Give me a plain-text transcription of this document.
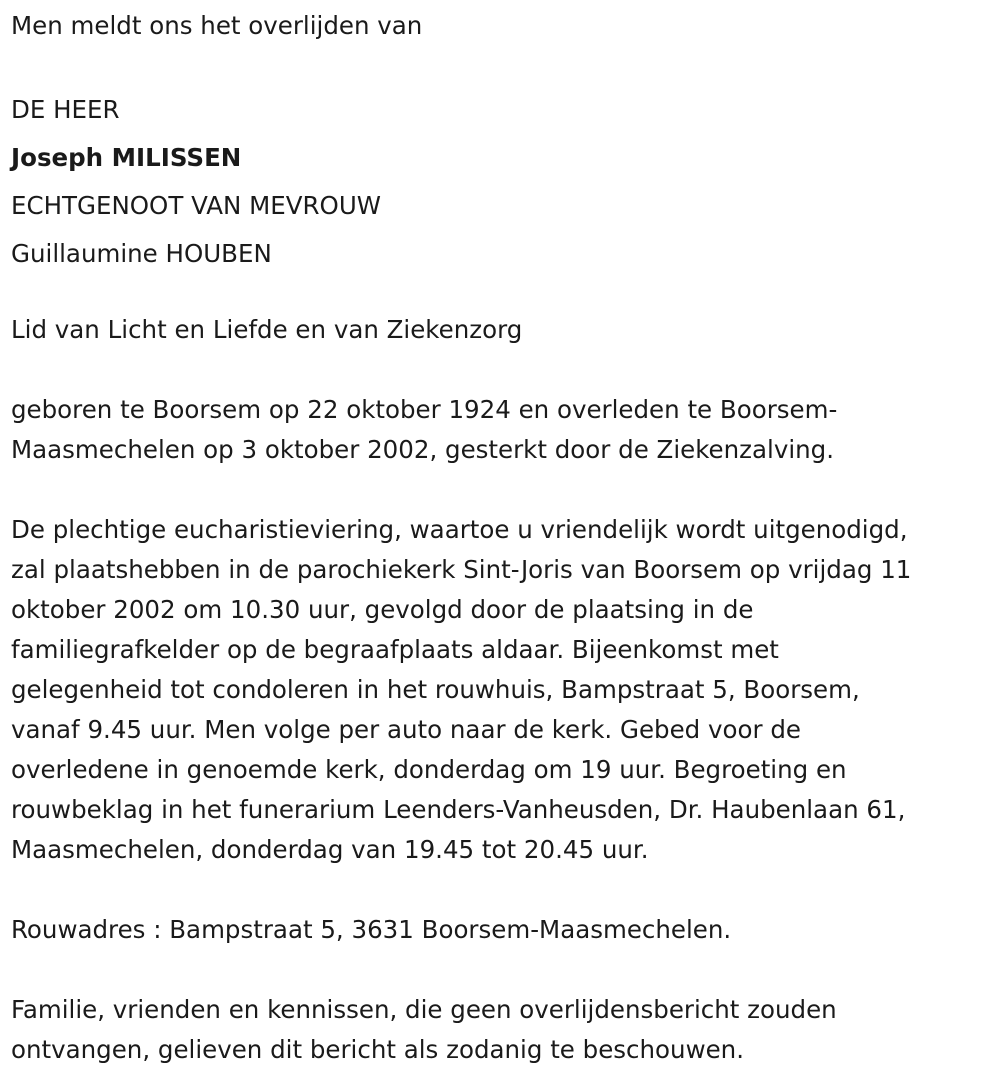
Men meldt ons het overlijden van

DE HEER

Joseph MILISSEN

ECHTGENOOT VAN MEVROUW

Guillaumine HOUBEN

Lid van Licht en Liefde en van Ziekenzorg

geboren te Boorsem op 22 oktober 1924 en overleden te Boorsem-

Maasmechelen op 3 oktober 2002, gesterkt door de Ziekenzalving.

De plechtige eucharistieviering, waartoe u vriendelijk wordt uitgenodigd,

zal plaatshebben in de parochiekerk Sint-Joris van Boorsem op vrijdag 11

oktober 2002 om 10.30 uur, gevolgd door de plaatsing in de

familiegrafkelder op de begraafplaats aldaar. Bijeenkomst met

gelegenheid tot condoleren in het rouwhuis, Bampstraat 5, Boorsem,

vanaf 9.45 uur. Men volge per auto naar de kerk. Gebed voor de

overledene in genoemde kerk, donderdag om 19 uur. Begroeting en

rouwbeklag in het funerarium Leenders-Vanheusden, Dr. Haubenlaan 61,

Maasmechelen, donderdag van 19.45 tot 20.45 uur.

Rouwadres : Bampstraat 5, 3631 Boorsem-Maasmechelen.

Familie, vrienden en kennissen, die geen overlijdensbericht zouden

ontvangen, gelieven dit bericht als zodanig te beschouwen.
